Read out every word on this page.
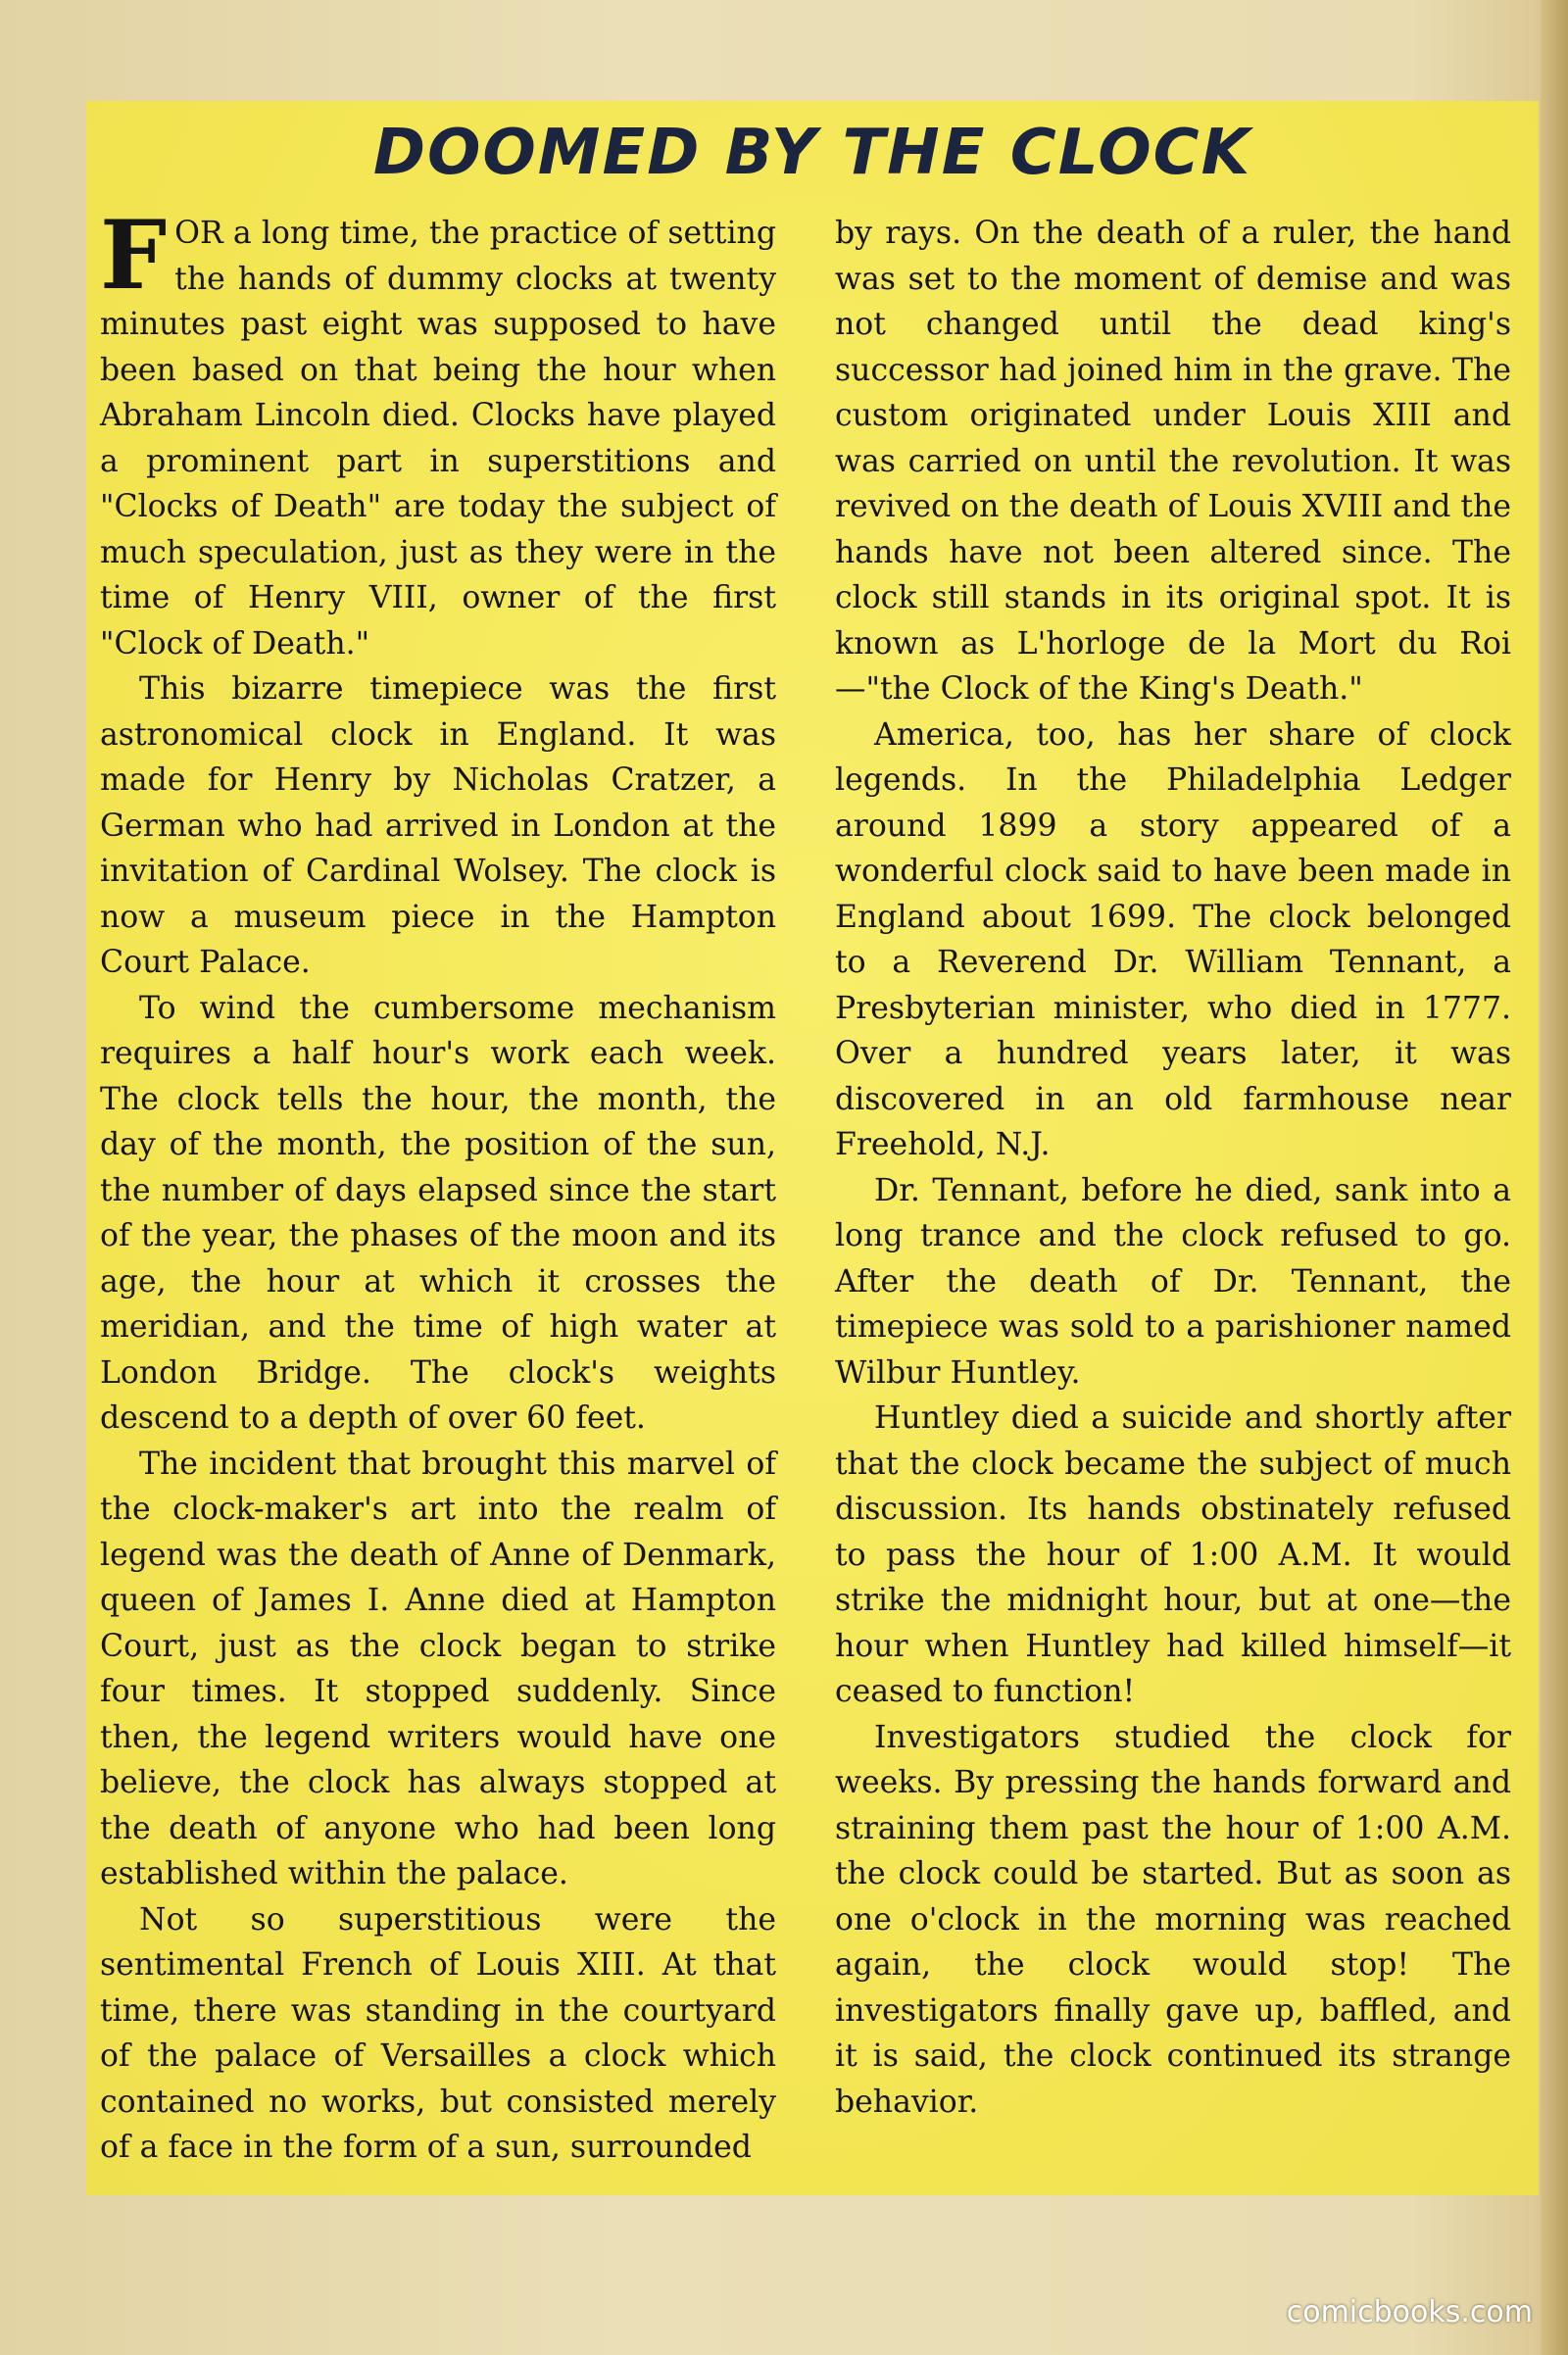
DOOMED BY THE CLOCK

FOR a long time, the practice of setting the hands of dummy clocks at twenty minutes past eight was supposed to have been based on that being the hour when Abraham Lincoln died. Clocks have played a prominent part in superstitions and "Clocks of Death" are today the subject of much speculation, just as they were in the time of Henry VIII, owner of the first "Clock of Death."

This bizarre timepiece was the first astronomical clock in England. It was made for Henry by Nicholas Cratzer, a German who had arrived in London at the invitation of Cardinal Wolsey. The clock is now a museum piece in the Hampton Court Palace.

To wind the cumbersome mechanism requires a half hour's work each week. The clock tells the hour, the month, the day of the month, the position of the sun, the number of days elapsed since the start of the year, the phases of the moon and its age, the hour at which it crosses the meridian, and the time of high water at London Bridge. The clock's weights descend to a depth of over 60 feet.

The incident that brought this marvel of the clock-maker's art into the realm of legend was the death of Anne of Denmark, queen of James I. Anne died at Hampton Court, just as the clock began to strike four times. It stopped suddenly. Since then, the legend writers would have one believe, the clock has always stopped at the death of anyone who had been long established within the palace.

Not so superstitious were the sentimental French of Louis XIII. At that time, there was standing in the courtyard of the palace of Versailles a clock which contained no works, but consisted merely of a face in the form of a sun, surrounded

by rays. On the death of a ruler, the hand was set to the moment of demise and was not changed until the dead king's successor had joined him in the grave. The custom originated under Louis XIII and was carried on until the revolution. It was revived on the death of Louis XVIII and the hands have not been altered since. The clock still stands in its original spot. It is known as L'horloge de la Mort du Roi—"the Clock of the King's Death."

America, too, has her share of clock legends. In the Philadelphia Ledger around 1899 a story appeared of a wonderful clock said to have been made in England about 1699. The clock belonged to a Reverend Dr. William Tennant, a Presbyterian minister, who died in 1777. Over a hundred years later, it was discovered in an old farmhouse near Freehold, N.J.

Dr. Tennant, before he died, sank into a long trance and the clock refused to go. After the death of Dr. Tennant, the timepiece was sold to a parishioner named Wilbur Huntley.

Huntley died a suicide and shortly after that the clock became the subject of much discussion. Its hands obstinately refused to pass the hour of 1:00 A.M. It would strike the midnight hour, but at one—the hour when Huntley had killed himself—it ceased to function!

Investigators studied the clock for weeks. By pressing the hands forward and straining them past the hour of 1:00 A.M. the clock could be started. But as soon as one o'clock in the morning was reached again, the clock would stop! The investigators finally gave up, baffled, and it is said, the clock continued its strange behavior.

comicbooks.com
